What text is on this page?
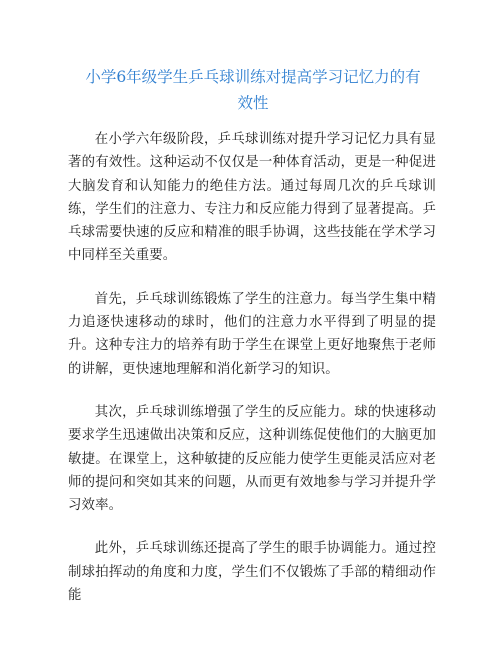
小学6年级学生乒乓球训练对提高学习记忆力的有效性

在小学六年级阶段，乒乓球训练对提升学习记忆力具有显著的有效性。这种运动不仅仅是一种体育活动，更是一种促进大脑发育和认知能力的绝佳方法。通过每周几次的乒乓球训练，学生们的注意力、专注力和反应能力得到了显著提高。乒乓球需要快速的反应和精准的眼手协调，这些技能在学术学习中同样至关重要。

首先，乒乓球训练锻炼了学生的注意力。每当学生集中精力追逐快速移动的球时，他们的注意力水平得到了明显的提升。这种专注力的培养有助于学生在课堂上更好地聚焦于老师的讲解，更快速地理解和消化新学习的知识。

其次，乒乓球训练增强了学生的反应能力。球的快速移动要求学生迅速做出决策和反应，这种训练促使他们的大脑更加敏捷。在课堂上，这种敏捷的反应能力使学生更能灵活应对老师的提问和突如其来的问题，从而更有效地参与学习并提升学习效率。

此外，乒乓球训练还提高了学生的眼手协调能力。通过控制球拍挥动的角度和力度，学生们不仅锻炼了手部的精细动作能
